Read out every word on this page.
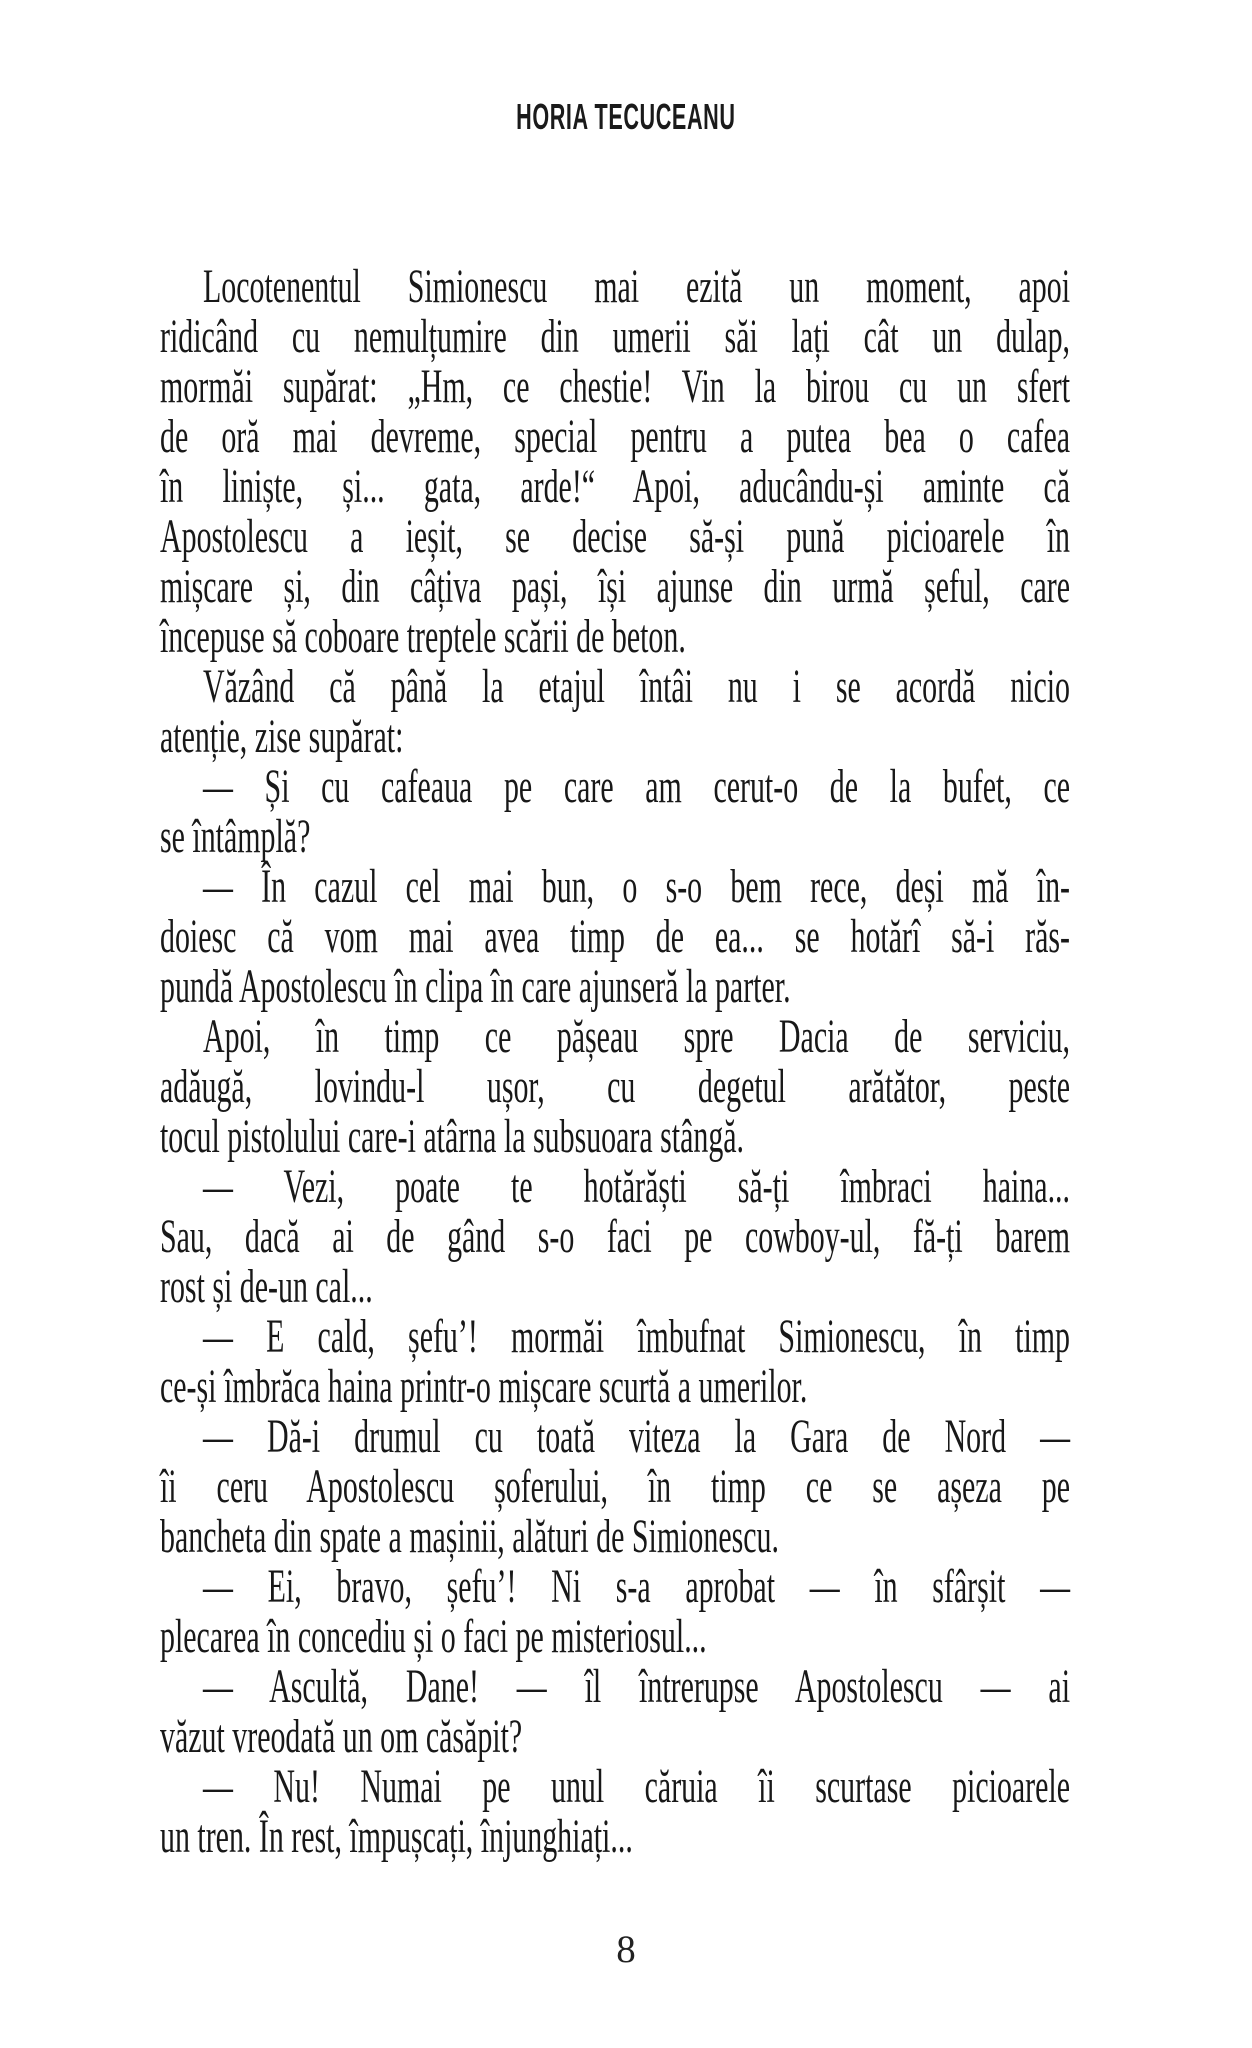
HORIA TECUCEANU
Locotenentul Simionescu mai ezită un moment, apoi
ridicând cu nemulțumire din umerii săi lați cât un dulap,
mormăi supărat: „Hm, ce chestie! Vin la birou cu un sfert
de oră mai devreme, special pentru a putea bea o cafea
în liniște, și... gata, arde!“ Apoi, aducându-și aminte că
Apostolescu a ieșit, se decise să-și pună picioarele în
mișcare și, din câțiva pași, își ajunse din urmă șeful, care
începuse să coboare treptele scării de beton.
Văzând că până la etajul întâi nu i se acordă nicio
atenție, zise supărat:
— Și cu cafeaua pe care am cerut-o de la bufet, ce
se întâmplă?
— În cazul cel mai bun, o s-o bem rece, deși mă în-
doiesc că vom mai avea timp de ea... se hotărî să-i răs-
pundă Apostolescu în clipa în care ajunseră la parter.
Apoi, în timp ce pășeau spre Dacia de serviciu,
adăugă, lovindu-l ușor, cu degetul arătător, peste
tocul pistolului care-i atârna la subsuoara stângă.
— Vezi, poate te hotărăști să-ți îmbraci haina...
Sau, dacă ai de gând s-o faci pe cowboy-ul, fă-ți barem
rost și de-un cal...
— E cald, șefu’! mormăi îmbufnat Simionescu, în timp
ce-și îmbrăca haina printr-o mișcare scurtă a umerilor.
— Dă-i drumul cu toată viteza la Gara de Nord —
îi ceru Apostolescu șoferului, în timp ce se așeza pe
bancheta din spate a mașinii, alături de Simionescu.
— Ei, bravo, șefu’! Ni s-a aprobat — în sfârșit —
plecarea în concediu și o faci pe misteriosul...
— Ascultă, Dane! — îl întrerupse Apostolescu — ai
văzut vreodată un om căsăpit?
— Nu! Numai pe unul căruia îi scurtase picioarele
un tren. În rest, împușcați, înjunghiați...
8
